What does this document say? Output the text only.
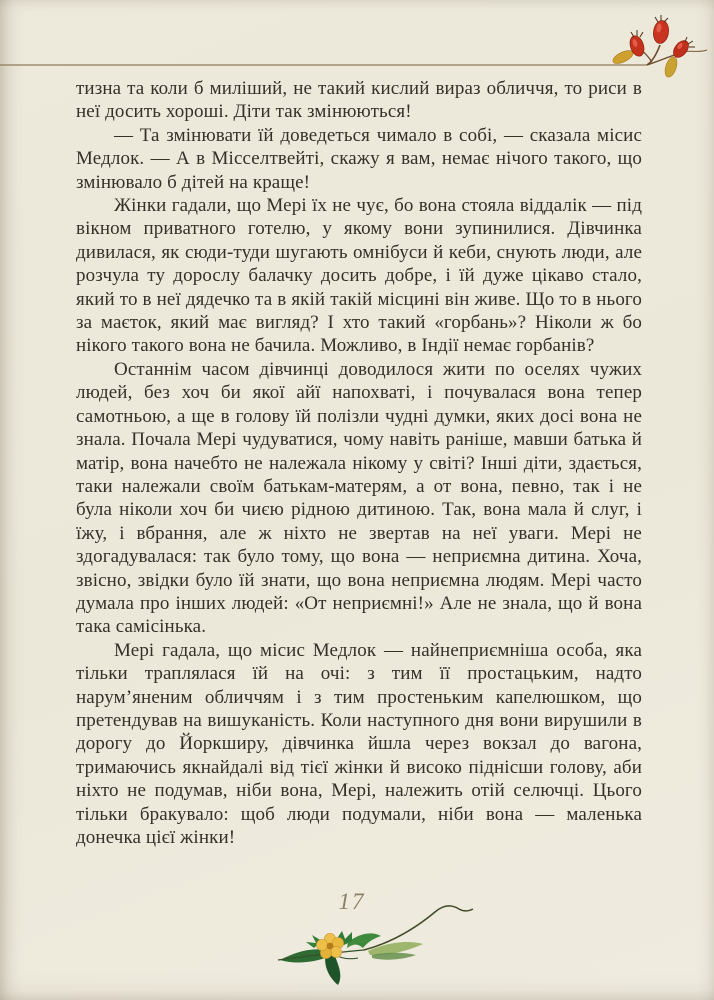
тизна та коли б миліший, не такий кислий вираз обличчя, то риси в неї досить хороші. Діти так змінюються!

— Та змінювати їй доведеться чимало в собі, — сказала місис Медлок. — А в Місселтвейті, скажу я вам, немає нічого такого, що змінювало б дітей на краще!

Жінки гадали, що Мері їх не чує, бо вона стояла віддалік — під вікном приватного готелю, у якому вони зупинилися. Дівчинка дивилася, як сюди-туди шугають омнібуси й кеби, снують люди, але розчула ту дорослу балачку досить добре, і їй дуже цікаво стало, який то в неї дядечко та в якій такій місцині він живе. Що то в нього за маєток, який має вигляд? І хто такий «горбань»? Ніколи ж бо нікого такого вона не бачила. Можливо, в Індії немає горбанів?

Останнім часом дівчинці доводилося жити по оселях чужих людей, без хоч би якої айї напохваті, і почувалася вона тепер самотньою, а ще в голову їй полізли чудні думки, яких досі вона не знала. Почала Мері чудуватися, чому навіть раніше, мавши батька й матір, вона начебто не належала нікому у світі? Інші діти, здається, таки належали своїм батькам-матерям, а от вона, певно, так і не була ніколи хоч би чиєю рідною дитиною. Так, вона мала й слуг, і їжу, і вбрання, але ж ніхто не звертав на неї уваги. Мері не здогадувалася: так було тому, що вона — неприємна дитина. Хоча, звісно, звідки було їй знати, що вона неприємна людям. Мері часто думала про інших людей: «От неприємні!» Але не знала, що й вона така самісінька.

Мері гадала, що місис Медлок — найнеприємніша особа, яка тільки траплялася їй на очі: з тим її простацьким, надто нарум’яненим обличчям і з тим простеньким капелюшком, що претендував на вишуканість. Коли наступного дня вони вирушили в дорогу до Йоркширу, дівчинка йшла через вокзал до вагона, тримаючись якнайдалі від тієї жінки й високо піднісши голову, аби ніхто не подумав, ніби вона, Мері, належить отій селючці. Цього тільки бракувало: щоб люди подумали, ніби вона — маленька донечка цієї жінки!

17
